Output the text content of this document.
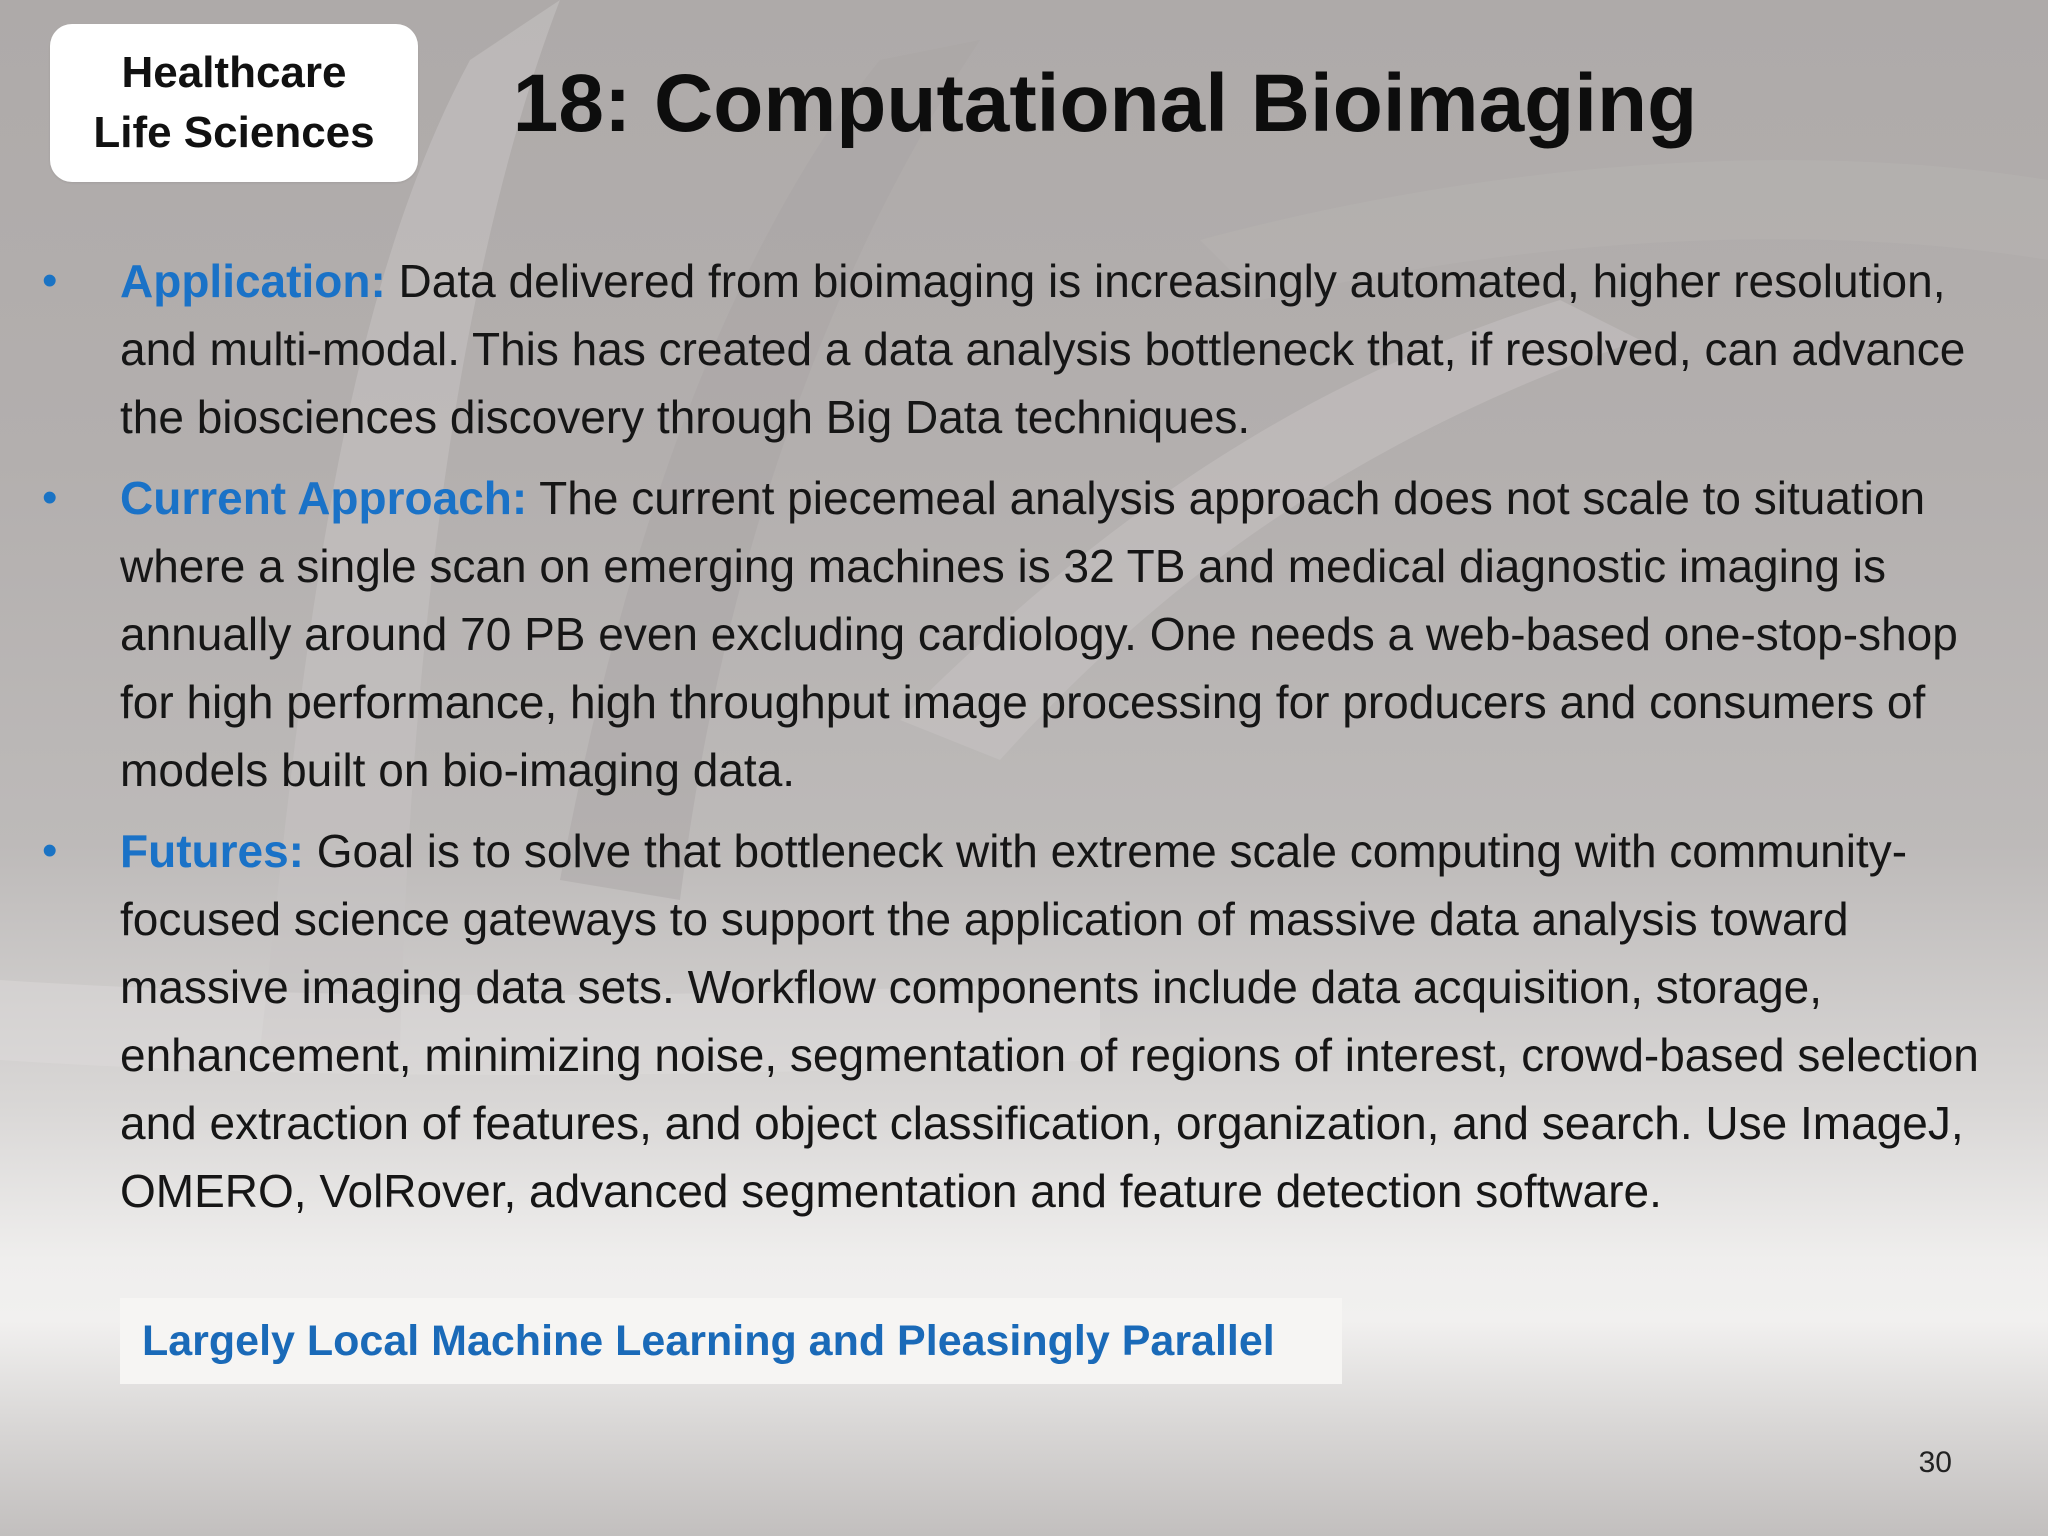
Healthcare
Life Sciences	18: Computational Bioimaging
• Application: Data delivered from bioimaging is increasingly automated, higher resolution, and multi-modal. This has created a data analysis bottleneck that, if resolved, can advance the biosciences discovery through Big Data techniques.
• Current Approach: The current piecemeal analysis approach does not scale to situation where a single scan on emerging machines is 32 TB and medical diagnostic imaging is annually around 70 PB even excluding cardiology. One needs a web-based one-stop-shop for high performance, high throughput image processing for producers and consumers of models built on bio-imaging data.
• Futures: Goal is to solve that bottleneck with extreme scale computing with community-focused science gateways to support the application of massive data analysis toward massive imaging data sets. Workflow components include data acquisition, storage, enhancement, minimizing noise, segmentation of regions of interest, crowd-based selection and extraction of features, and object classification, organization, and search. Use ImageJ, OMERO, VolRover, advanced segmentation and feature detection software.
Largely Local Machine Learning and Pleasingly Parallel
30
